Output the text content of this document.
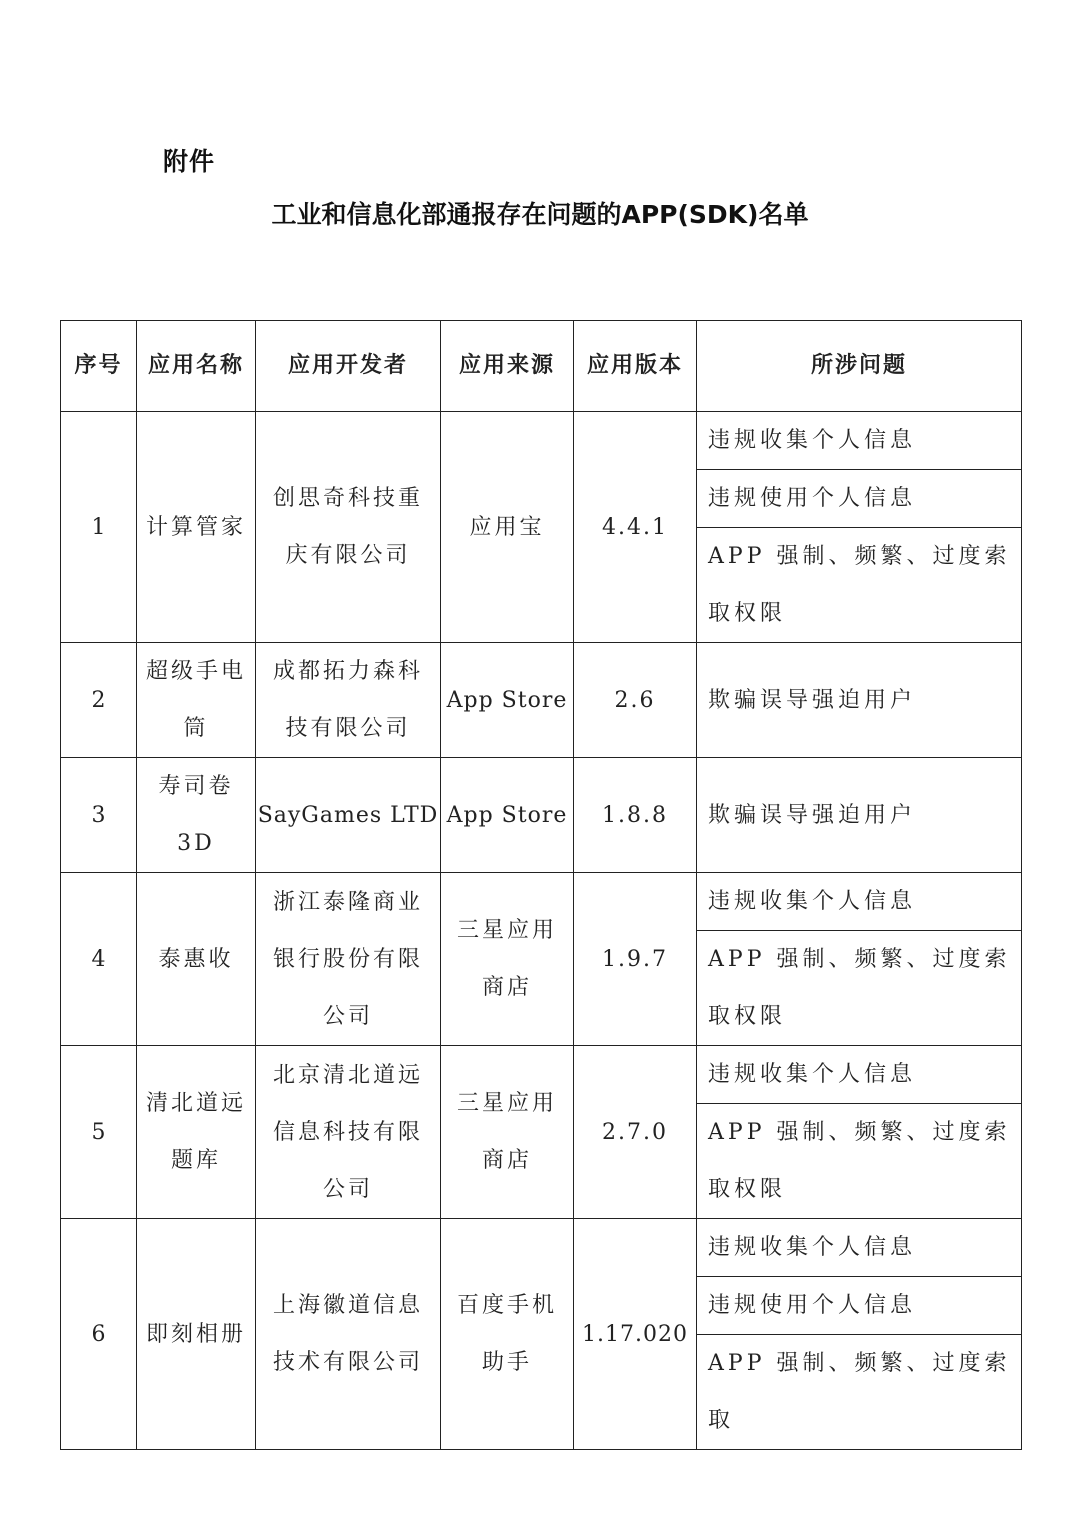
附件
工业和信息化部通报存在问题的APP(SDK)名单
序号	应用名称	应用开发者	应用来源	应用版本	所涉问题
1	计算管家	创思奇科技重庆有限公司	应用宝	4.4.1	违规收集个人信息
					违规使用个人信息
					APP 强制、频繁、过度索取权限

2	超级手电筒	成都拓力森科技有限公司	App Store	2.6	欺骗误导强迫用户
3	寿司卷3D	SayGames LTD	App Store	1.8.8	欺骗误导强迫用户
4	泰惠收	浙江泰隆商业银行股份有限公司	三星应用商店	1.9.7	违规收集个人信息
					APP 强制、频繁、过度索取权限

5	清北道远题库	北京清北道远信息科技有限公司	三星应用商店	2.7.0	违规收集个人信息
					APP 强制、频繁、过度索取权限

6	即刻相册	上海徽道信息技术有限公司	百度手机助手	1.17.020	违规收集个人信息
					违规使用个人信息
					APP 强制、频繁、过度索取
